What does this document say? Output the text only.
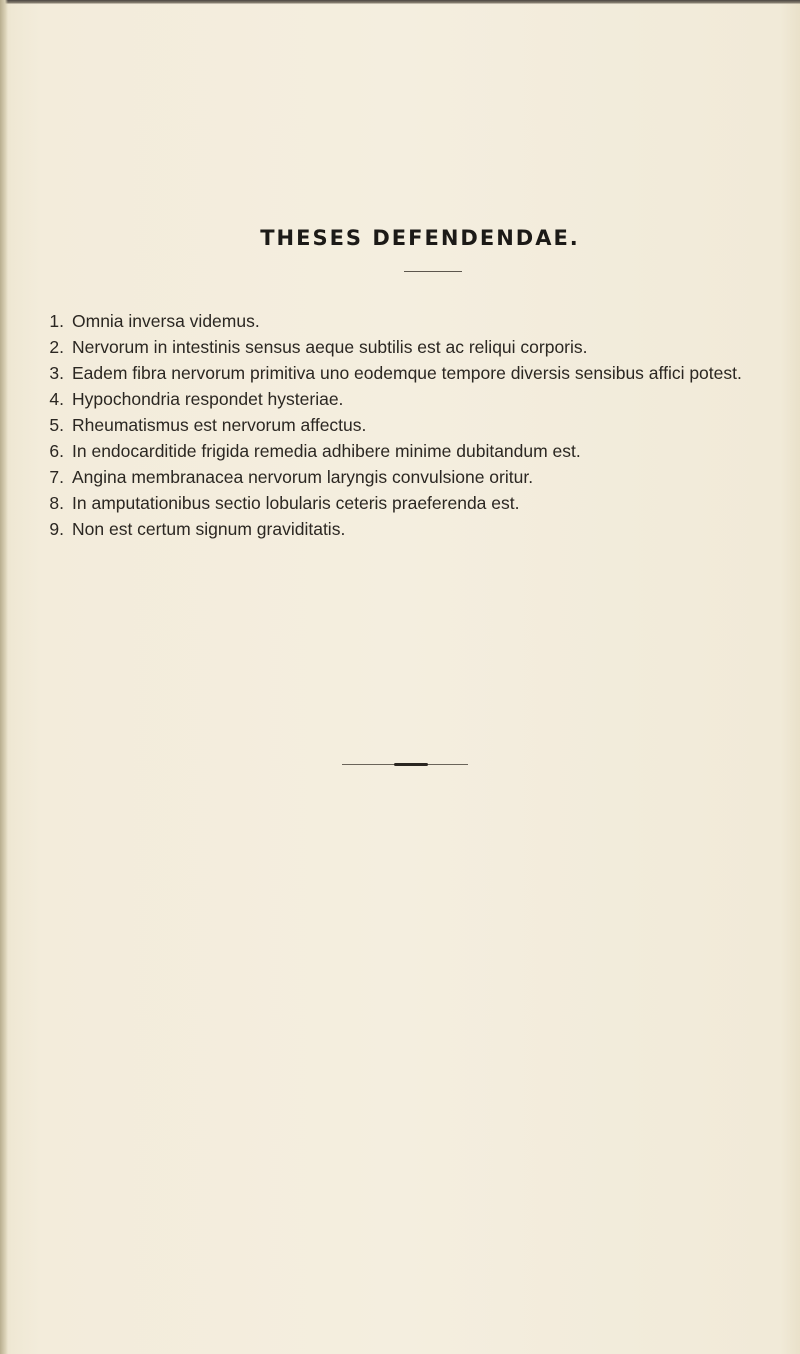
THESES DEFENDENDAE.
1. Omnia inversa videmus.
2. Nervorum in intestinis sensus aeque subtilis est ac reliqui corporis.
3. Eadem fibra nervorum primitiva uno eodemque tempore diversis sensibus affici potest.
4. Hypochondria respondet hysteriae.
5. Rheumatismus est nervorum affectus.
6. In endocarditide frigida remedia adhibere minime dubitandum est.
7. Angina membranacea nervorum laryngis convulsione oritur.
8. In amputationibus sectio lobularis ceteris praeferenda est.
9. Non est certum signum graviditatis.
